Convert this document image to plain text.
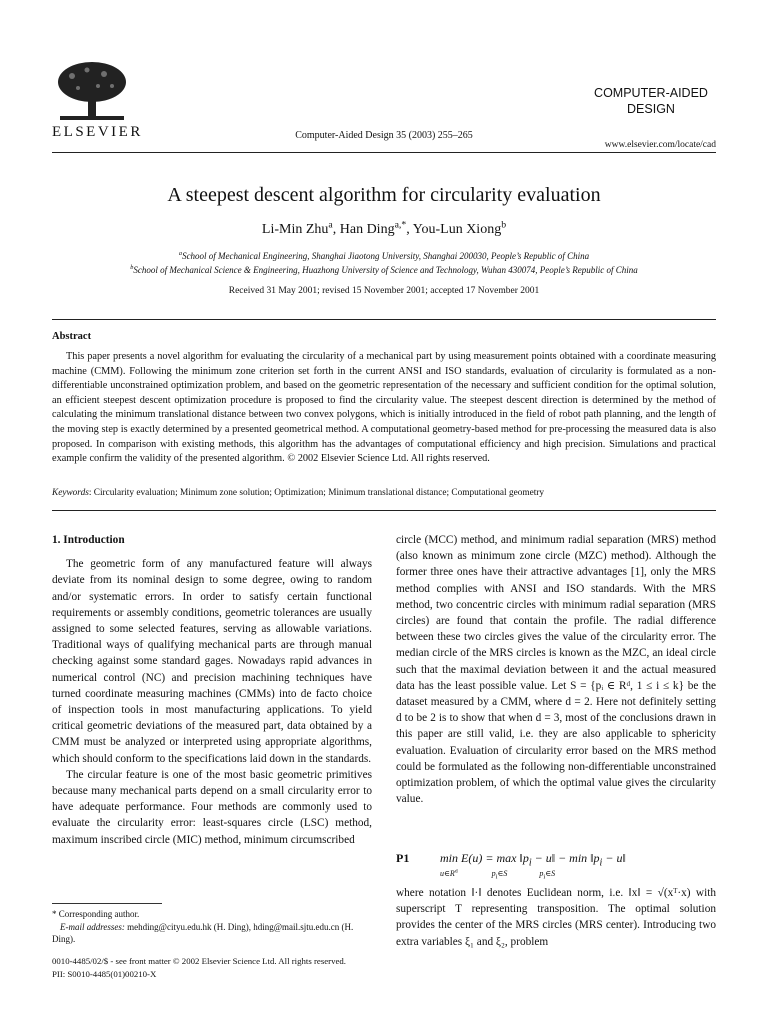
ELSEVIER	Computer-Aided Design 35 (2003) 255–265
COMPUTER-AIDED
DESIGN
www.elsevier.com/locate/cad
A steepest descent algorithm for circularity evaluation
Li-Min Zhu$^a$, Han Ding$^{a,*}$, You-Lun Xiong$^b$
$^a$School of Mechanical Engineering, Shanghai Jiaotong University, Shanghai 200030, People’s Republic of China
$^b$School of Mechanical Science & Engineering, Huazhong University of Science and Technology, Wuhan 430074, People’s Republic of China
Received 31 May 2001; revised 15 November 2001; accepted 17 November 2001
Abstract

This paper presents a novel algorithm for evaluating the circularity of a mechanical part by using measurement points obtained with a coordinate measuring machine (CMM). Following the minimum zone criterion set forth in the current ANSI and ISO standards, evaluation of circularity is formulated as a non-differentiable unconstrained optimization problem, and based on the geometric representation of the necessary and sufficient condition for the optimal solution, an efficient steepest descent optimization procedure is proposed to find the circularity value. The steepest descent direction is determined by the method of calculating the minimum translational distance between two convex polygons, which is initially introduced in the field of robot path planning, and the length of the moving step is exactly determined by a presented geometrical method. A computational geometry-based method for pre-processing the measured data is also proposed. In comparison with existing methods, this algorithm has the advantages of computational efficiency and high precision. Simulations and practical example confirm the validity of the presented algorithm. © 2002 Elsevier Science Ltd. All rights reserved.

Keywords: Circularity evaluation; Minimum zone solution; Optimization; Minimum translational distance; Computational geometry

1. Introduction

The geometric form of any manufactured feature will always deviate from its nominal design to some degree, owing to random and/or systematic errors. In order to satisfy certain functional requirements or assembly conditions, geometric tolerances are usually assigned to some selected features, serving as allowable variations. Traditional ways of qualifying mechanical parts are through manual checking against some standard gages. Nowadays rapid advances in numerical control (NC) and precision machining techniques have turned coordinate measuring machines (CMMs) into de facto choice of inspection tools in most manufacturing applications. To yield critical geometric deviations of the measured part, data obtained by a CMM must be analyzed or interpreted using appropriate algorithms, which should conform to the specifications laid down in the standards.

The circular feature is one of the most basic geometric primitives because many mechanical parts depend on a small circularity error to have adequate performance. Four methods are commonly used to evaluate the circularity error: least-squares circle (LSC) method, maximum inscribed circle (MIC) method, minimum circumscribed

circle (MCC) method, and minimum radial separation (MRS) method (also known as minimum zone circle (MZC) method). Although the former three ones have their attractive advantages [1], only the MRS method complies with ANSI and ISO standards. With the MRS method, two concentric circles with minimum radial separation (MRS circles) are found that contain the profile. The radial difference between these two circles gives the value of the circularity error. The median circle of the MRS circles is known as the MZC, an ideal circle such that the maximal deviation between it and the actual measured data has the least possible value. Let S = {pᵢ ∈ Rᵈ, 1 ≤ i ≤ k} be the dataset measured by a CMM, where d = 2. Here not definitely setting d to be 2 is to show that when d = 3, most of the conclusions drawn in this paper are still valid, i.e. they are also applicable to sphericity evaluation. Evaluation of circularity error based on the MRS method could be formulated as the following non-differentiable unconstrained optimization problem, of which the optimal value gives the circularity value.

P1	$\min E(u) = \max ‖p_i$ − u‖ − $\min ‖p_i$ − u‖
$u\in R^d$	$p_i\in S$	$p_i\in S$

where notation ‖·‖ denotes Euclidean norm, i.e. ‖x‖ = √(xᵀ·x) with superscript T representing transposition. The optimal solution provides the center of the MRS circles (MRS center). Introducing two extra variables ξ₁ and ξ₂, problem

* Corresponding author.
E-mail addresses: mehding@cityu.edu.hk (H. Ding), hding@mail.sjtu.edu.cn (H. Ding).
0010-4485/02/$ - see front matter © 2002 Elsevier Science Ltd. All rights reserved.
PII: S0010-4485(01)00210-X
